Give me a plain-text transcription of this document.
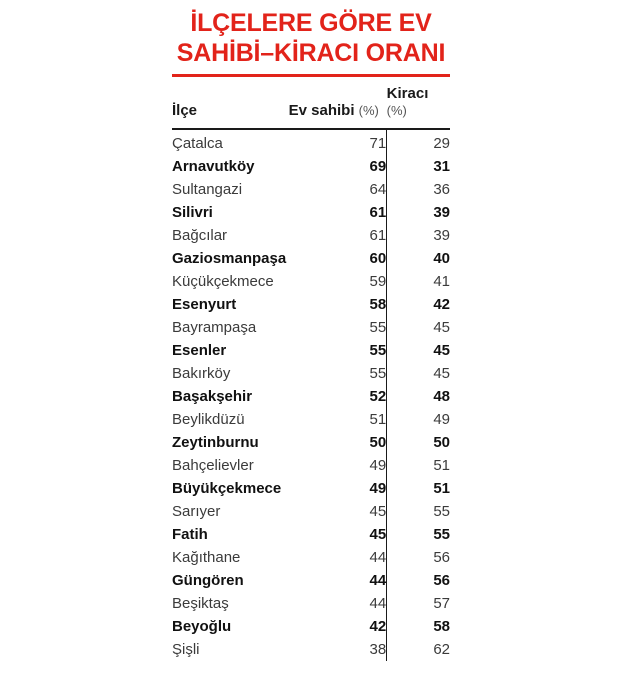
İLÇELERE GÖRE EV
SAHİBİ–KİRACI ORANI
İlçe	Ev sahibi (%)	Kiracı (%)

Çatalca	71	29
Arnavutköy	69	31
Sultangazi	64	36
Silivri	61	39
Bağcılar	61	39
Gaziosmanpaşa	60	40
Küçükçekmece	59	41
Esenyurt	58	42
Bayrampaşa	55	45
Esenler	55	45
Bakırköy	55	45
Başakşehir	52	48
Beylikdüzü	51	49
Zeytinburnu	50	50
Bahçelievler	49	51
Büyükçekmece	49	51
Sarıyer	45	55
Fatih	45	55
Kağıthane	44	56
Güngören	44	56
Beşiktaş	44	57
Beyoğlu	42	58
Şişli	38	62
